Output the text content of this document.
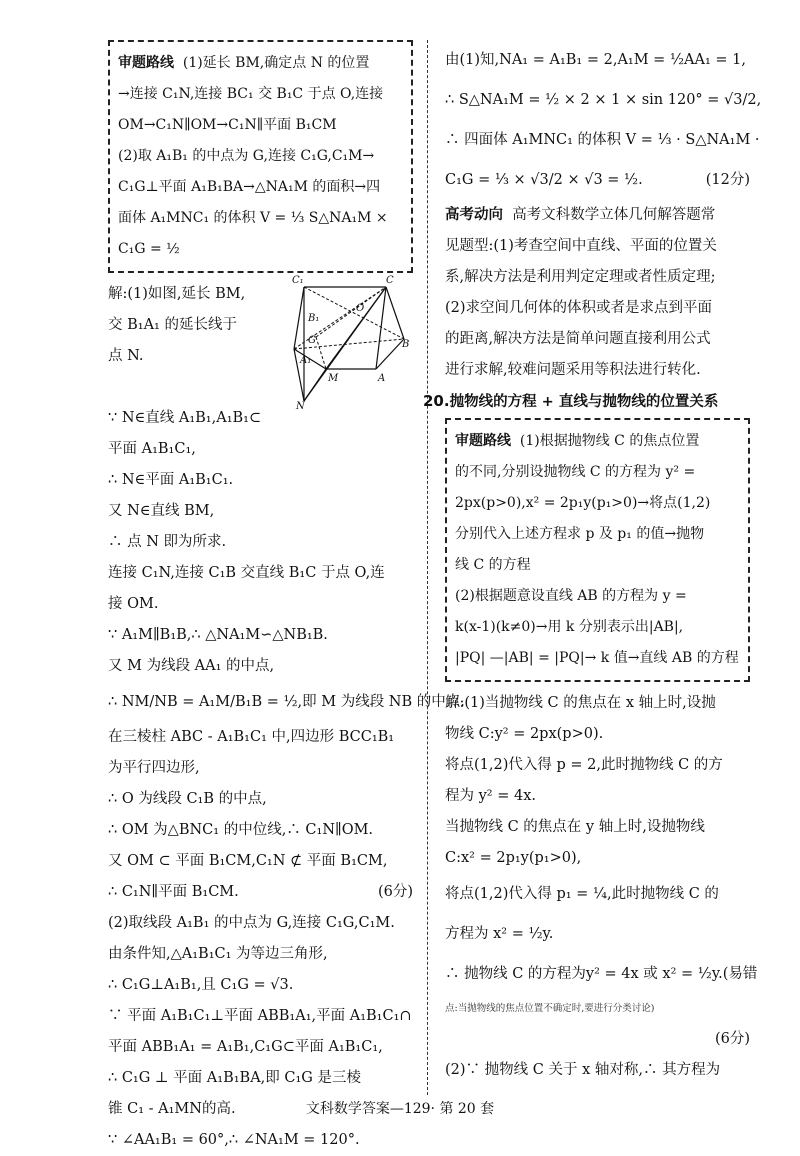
审题路线 (1)延长 BM,确定点 N 的位置
→连接 C₁N,连接 BC₁ 交 B₁C 于点 O,连接
OM→C₁N∥OM→C₁N∥平面 B₁CM
(2)取 A₁B₁ 的中点为 G,连接 C₁G,C₁M→
C₁G⊥平面 A₁B₁BA→△NA₁M 的面积→四
面体 A₁MNC₁ 的体积 V = ⅓ S△NA₁M ×
C₁G = ½
解:(1)如图,延长 BM,
交 B₁A₁ 的延长线于
点 N.
C₁	C
O
B₁
G
A₁
M	A
B
N
∵ N∈直线 A₁B₁,A₁B₁⊂
平面 A₁B₁C₁,
∴ N∈平面 A₁B₁C₁.
又 N∈直线 BM,
∴ 点 N 即为所求.
连接 C₁N,连接 C₁B 交直线 B₁C 于点 O,连
接 OM.
∵ A₁M∥B₁B,∴ △NA₁M∽△NB₁B.
又 M 为线段 AA₁ 的中点,
∴ NM/NB = A₁M/B₁B = ½,即 M 为线段 NB 的中点.
在三棱柱 ABC - A₁B₁C₁ 中,四边形 BCC₁B₁
为平行四边形,
∴ O 为线段 C₁B 的中点,
∴ OM 为△BNC₁ 的中位线,∴ C₁N∥OM.
又 OM ⊂ 平面 B₁CM,C₁N ⊄ 平面 B₁CM,
∴ C₁N∥平面 B₁CM.	(6分)
(2)取线段 A₁B₁ 的中点为 G,连接 C₁G,C₁M.
由条件知,△A₁B₁C₁ 为等边三角形,
∴ C₁G⊥A₁B₁,且 C₁G = √3.
∵ 平面 A₁B₁C₁⊥平面 ABB₁A₁,平面 A₁B₁C₁∩
平面 ABB₁A₁ = A₁B₁,C₁G⊂平面 A₁B₁C₁,
∴ C₁G ⊥ 平面 A₁B₁BA,即 C₁G 是三棱
锥 C₁ - A₁MN的高.
∵ ∠AA₁B₁ = 60°,∴ ∠NA₁M = 120°.
由(1)知,NA₁ = A₁B₁ = 2,A₁M = ½AA₁ = 1,
∴ S△NA₁M = ½ × 2 × 1 × sin 120° = √3/2,
∴ 四面体 A₁MNC₁ 的体积 V = ⅓ · S△NA₁M ·
C₁G = ⅓ × √3/2 × √3 = ½.	(12分)
高考动向 高考文科数学立体几何解答题常
见题型:(1)考查空间中直线、平面的位置关
系,解决方法是利用判定定理或者性质定理;
(2)求空间几何体的体积或者是求点到平面
的距离,解决方法是简单问题直接利用公式
进行求解,较难问题采用等积法进行转化.
20.抛物线的方程 + 直线与抛物线的位置关系
审题路线 (1)根据抛物线 C 的焦点位置
的不同,分别设抛物线 C 的方程为 y² =
2px(p>0),x² = 2p₁y(p₁>0)→将点(1,2)
分别代入上述方程求 p 及 p₁ 的值→抛物
线 C 的方程
(2)根据题意设直线 AB 的方程为 y =
k(x-1)(k≠0)→用 k 分别表示出|AB|,
|PQ| —|AB| = |PQ|→ k 值→直线 AB 的方程
解:(1)当抛物线 C 的焦点在 x 轴上时,设抛
物线 C:y² = 2px(p>0).
将点(1,2)代入得 p = 2,此时抛物线 C 的方
程为 y² = 4x.
当抛物线 C 的焦点在 y 轴上时,设抛物线
C:x² = 2p₁y(p₁>0),
将点(1,2)代入得 p₁ = ¼,此时抛物线 C 的
方程为 x² = ½y.
∴ 抛物线 C 的方程为y² = 4x 或 x² = ½y.(易错
点:当抛物线的焦点位置不确定时,要进行分类讨论)
(6分)
(2)∵ 抛物线 C 关于 x 轴对称,∴ 其方程为
文科数学答案—129· 第 20 套
